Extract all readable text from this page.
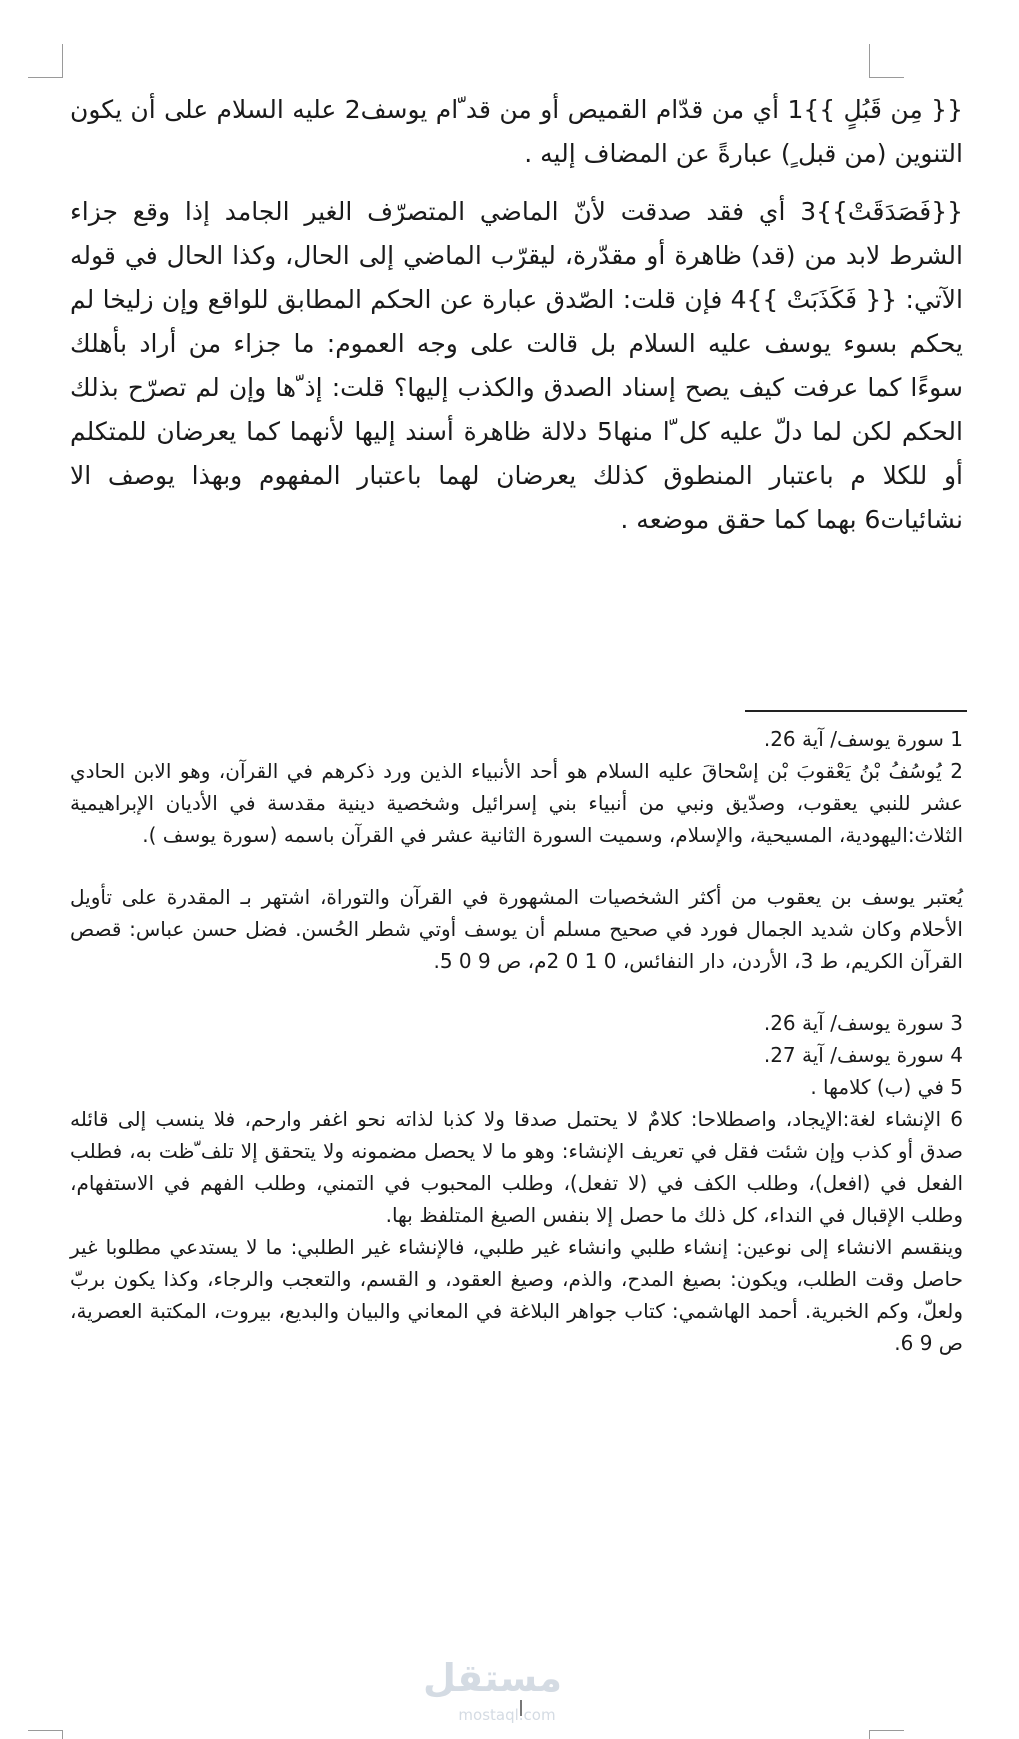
{{ مِن قَبُلٍ }}1 أي من قدّام القميص أو من قد ّام يوسف2 عليه السلام على أن يكون التنوين (من قبل ٍ) عبارةً عن المضاف إليه .

{{فَصَدَقَتْ}}3 أي فقد صدقت لأنّ الماضي المتصرّف الغير الجامد إذا وقع جزاء الشرط لابد من (قد) ظاهرة أو مقدّرة، ليقرّب الماضي إلى الحال، وكذا الحال في قوله الآتي: {{ فَكَذَبَتْ }}4 فإن قلت: الصّدق عبارة عن الحكم المطابق للواقع وإن زليخا لم يحكم بسوء يوسف عليه السلام بل قالت على وجه العموم: ما جزاء من أراد بأهلك سوءًا كما عرفت كيف يصح إسناد الصدق والكذب إليها؟ قلت: إذ ّها وإن لم تصرّح بذلك الحكم لكن لما دلّ عليه كل ّا منها5 دلالة ظاهرة أسند إليها لأنهما كما يعرضان للمتكلم أو للكلا م باعتبار المنطوق كذلك يعرضان لهما باعتبار المفهوم وبهذا يوصف الا نشائيات6 بهما كما حقق موضعه .

1 سورة يوسف/ آية 26.

2 يُوسُفُ بْنُ يَعْقوبَ بْن إسْحاقَ عليه السلام هو أحد الأنبياء الذين ورد ذكرهم في القرآن، وهو الابن الحادي عشر للنبي يعقوب، وصدّيق ونبي من أنبياء بني إسرائيل وشخصية دينية مقدسة في الأديان الإبراهيمية الثلاث:اليهودية، المسيحية، والإسلام، وسميت السورة الثانية عشر في القرآن باسمه (سورة يوسف ).

يُعتبر يوسف بن يعقوب من أكثر الشخصيات المشهورة في القرآن والتوراة، اشتهر بـ المقدرة على تأويل الأحلام وكان شديد الجمال فورد في صحيح مسلم أن يوسف أوتي شطر الحُسن. فضل حسن عباس: قصص القرآن الكريم، ط 3، الأردن، دار النفائس، 0 1 0 2م، ص 9 0 5.

3 سورة يوسف/ آية 26.

4 سورة يوسف/ آية 27.

5 في (ب) كلامها .

6 الإنشاء لغة:الإيجاد، واصطلاحا: كلامٌ لا يحتمل صدقا ولا كذبا لذاته نحو اغفر وارحم، فلا ينسب إلى قائله صدق أو كذب وإن شئت فقل في تعريف الإنشاء: وهو ما لا يحصل مضمونه ولا يتحقق إلا تلف ّظت به، فطلب الفعل في (افعل)، وطلب الكف في (لا تفعل)، وطلب المحبوب في التمني، وطلب الفهم في الاستفهام، وطلب الإقبال في النداء، كل ذلك ما حصل إلا بنفس الصيغ المتلفظ بها.

وينقسم الانشاء إلى نوعين: إنشاء طلبي وانشاء غير طلبي، فالإنشاء غير الطلبي: ما لا يستدعي مطلوبا غير حاصل وقت الطلب، ويكون: بصيغ المدح، والذم، وصيغ العقود، و القسم، والتعجب والرجاء، وكذا يكون بربّ ولعلّ، وكم الخبرية. أحمد الهاشمي: كتاب جواهر البلاغة في المعاني والبيان والبديع، بيروت، المكتبة العصرية، ص 9 6.

مستقل
mostaql.com
